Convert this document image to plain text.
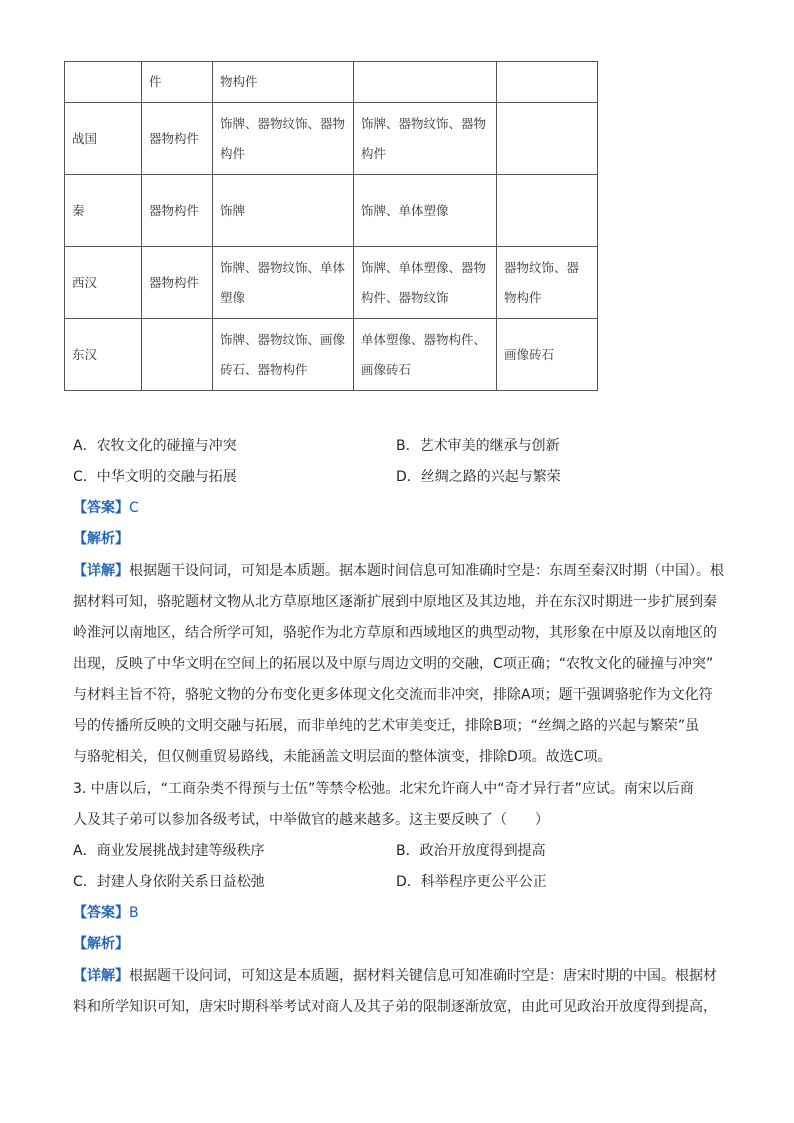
	件	物构件		
战国	器物构件	饰牌、器物纹饰、器物构件	饰牌、器物纹饰、器物构件	
秦	器物构件	饰牌	饰牌、单体塑像	
西汉	器物构件	饰牌、器物纹饰、单体塑像	饰牌、单体塑像、器物构件、器物纹饰	器物纹饰、器物构件
东汉		饰牌、器物纹饰、画像砖石、器物构件	单体塑像、器物构件、画像砖石	画像砖石
A．农牧文化的碰撞与冲突	B．艺术审美的继承与创新
C．中华文明的交融与拓展	D．丝绸之路的兴起与繁荣
【答案】C
【解析】
【详解】根据题干设问词，可知是本质题。据本题时间信息可知准确时空是：东周至秦汉时期（中国）。根
据材料可知，骆驼题材文物从北方草原地区逐渐扩展到中原地区及其边地，并在东汉时期进一步扩展到秦
岭淮河以南地区，结合所学可知，骆驼作为北方草原和西域地区的典型动物，其形象在中原及以南地区的
出现，反映了中华文明在空间上的拓展以及中原与周边文明的交融，C项正确；“农牧文化的碰撞与冲突”
与材料主旨不符，骆驼文物的分布变化更多体现文化交流而非冲突，排除A项；题干强调骆驼作为文化符
号的传播所反映的文明交融与拓展，而非单纯的艺术审美变迁，排除B项；“丝绸之路的兴起与繁荣”虽
与骆驼相关，但仅侧重贸易路线，未能涵盖文明层面的整体演变，排除D项。故选C项。
3. 中唐以后，“工商杂类不得预与士伍”等禁令松弛。北宋允许商人中“奇才异行者”应试。南宋以后商
人及其子弟可以参加各级考试，中举做官的越来越多。这主要反映了（　　）
A．商业发展挑战封建等级秩序	B．政治开放度得到提高
C．封建人身依附关系日益松弛	D．科举程序更公平公正
【答案】B
【解析】
【详解】根据题干设问词，可知这是本质题，据材料关键信息可知准确时空是：唐宋时期的中国。根据材
料和所学知识可知，唐宋时期科举考试对商人及其子弟的限制逐渐放宽，由此可见政治开放度得到提高，
